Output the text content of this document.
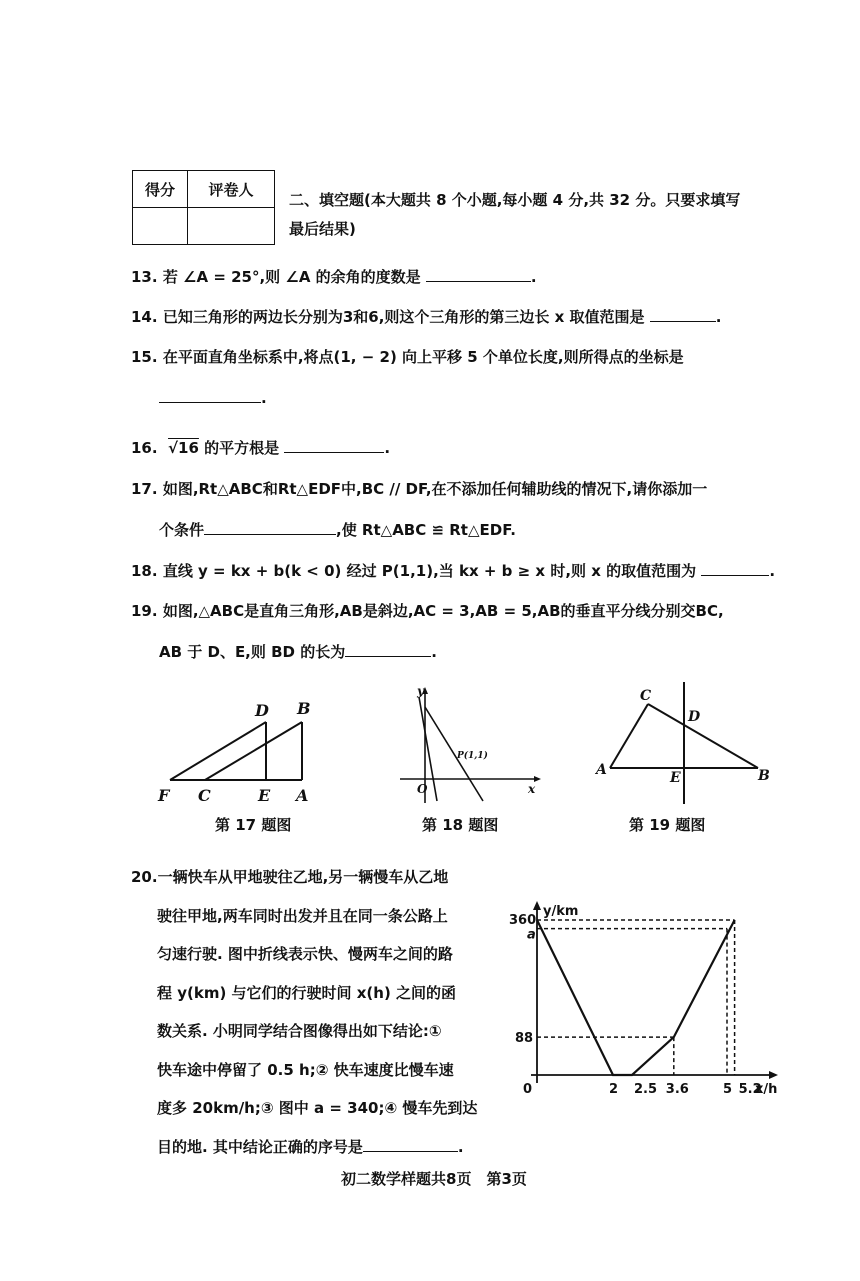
得分	评卷人

二、填空题(本大题共 8 个小题,每小题 4 分,共 32 分。只要求填写
最后结果)
13. 若 ∠A = 25°,则 ∠A 的余角的度数是	.
14. 已知三角形的两边长分别为3和6,则这个三角形的第三边长 x 取值范围是	.
15. 在平面直角坐标系中,将点(1, − 2) 向上平移 5 个单位长度,则所得点的坐标是
.
16. √16 的平方根是	.
17. 如图,Rt△ABC和Rt△EDF中,BC // DF,在不添加任何辅助线的情况下,请你添加一
个条件	,使 Rt△ABC ≌ Rt△EDF.
18. 直线 y = kx + b(k < 0) 经过 P(1,1),当 kx + b ≥ x 时,则 x 的取值范围为	.
19. 如图,△ABC是直角三角形,AB是斜边,AC = 3,AB = 5,AB的垂直平分线分别交BC,
AB 于 D、E,则 BD 的长为	.
D B
F C	E A
第 17 题图
y
x
O
P(1,1)
第 18 题图
C
D
A	E	B
第 19 题图
20.一辆快车从甲地驶往乙地,另一辆慢车从乙地
驶往甲地,两车同时出发并且在同一条公路上
匀速行驶. 图中折线表示快、慢两车之间的路
程 y(km) 与它们的行驶时间 x(h) 之间的函
数关系. 小明同学结合图像得出如下结论:①
快车途中停留了 0.5 h;② 快车速度比慢车速
度多 20km/h;③ 图中 a = 340;④ 慢车先到达
目的地. 其中结论正确的序号是	.
y/km
x/h
360
a
88
0	2 2.5 3.6	5 5.2
初二数学样题共8页　第3页
